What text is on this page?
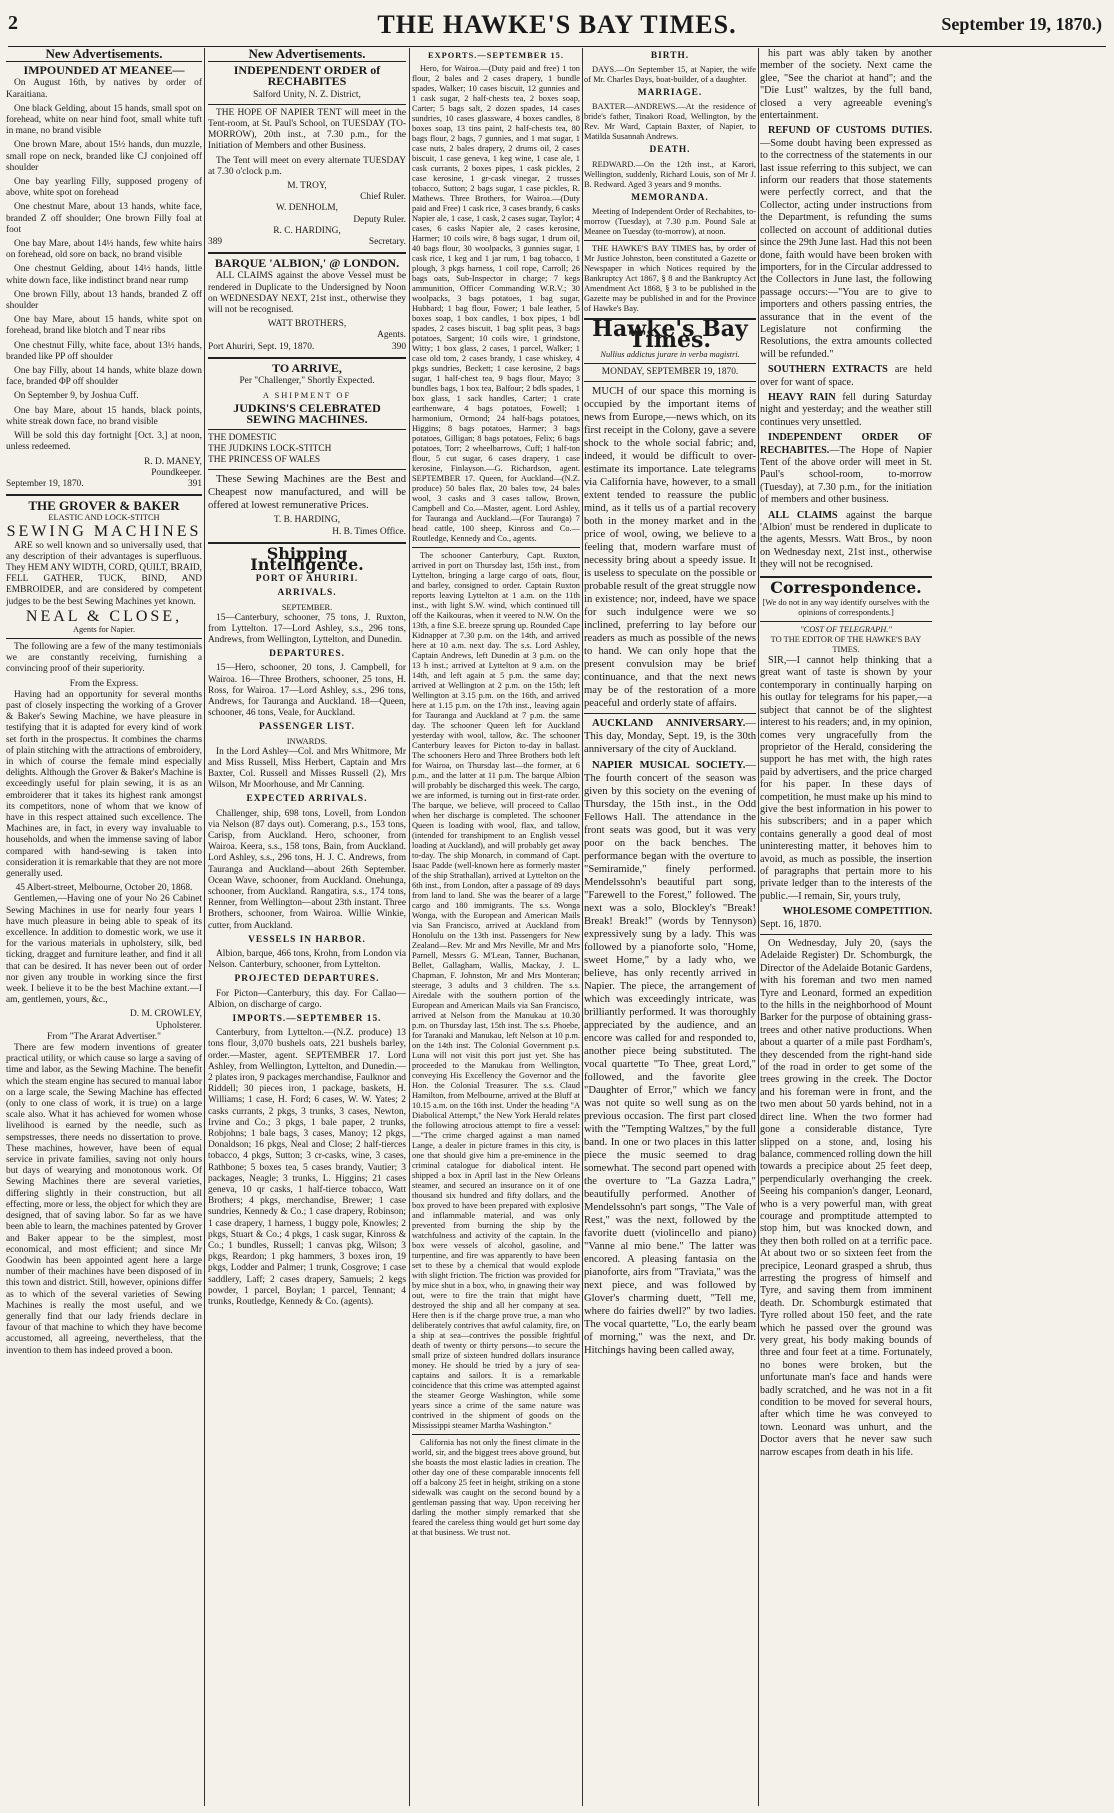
2	THE HAWKE'S BAY TIMES.	September 19, 1870.)
New Advertisements.
IMPOUNDED AT MEANEE—

On August 16th, by natives by order of Karaitiana.

One black Gelding, about 15 hands, small spot on forehead, white on near hind foot, small white tuft in mane, no brand visible

One brown Mare, about 15½ hands, dun muzzle, small rope on neck, branded like CJ conjoined off shoulder

One bay yearling Filly, supposed progeny of above, white spot on forehead

One chestnut Mare, about 13 hands, white face, branded Z off shoulder; One brown Filly foal at foot

One bay Mare, about 14½ hands, few white hairs on forehead, old sore on back, no brand visible

One chestnut Gelding, about 14½ hands, little white down face, like indistinct brand near rump

One brown Filly, about 13 hands, branded Z off shoulder

One bay Mare, about 15 hands, white spot on forehead, brand like blotch and T near ribs

One chestnut Filly, white face, about 13½ hands, branded like PP off shoulder

One bay Filly, about 14 hands, white blaze down face, branded ΦP off shoulder

On September 9, by Joshua Cuff.

One bay Mare, about 15 hands, black points, white streak down face, no brand visible

Will be sold this day fortnight [Oct. 3,] at noon, unless redeemed.

R. D. MANEY,
Poundkeeper.
September 19, 1870.	391
THE GROVER & BAKER
ELASTIC AND LOCK-STITCH
SEWING MACHINES

ARE so well known and so universally used, that any description of their advantages is superfluous. They HEM ANY WIDTH, CORD, QUILT, BRAID, FELL GATHER, TUCK, BIND, AND EMBROIDER, and are considered by competent judges to be the best Sewing Machines yet known.

NEAL & CLOSE,
Agents for Napier.

The following are a few of the many testimonials we are constantly receiving, furnishing a convincing proof of their superiority.

From the Express.

Having had an opportunity for several months past of closely inspecting the working of a Grover & Baker's Sewing Machine, we have pleasure in testifying that it is adapted for every kind of work set forth in the prospectus. It combines the charms of plain stitching with the attractions of embroidery, in which of course the female mind especially delights. Although the Grover & Baker's Machine is exceedingly useful for plain sewing, it is as an embroiderer that it takes its highest rank amongst its competitors, none of whom that we know of have in this respect attained such excellence. The Machines are, in fact, in every way invaluable to households, and when the immense saving of labor compared with hand-sewing is taken into consideration it is remarkable that they are not more generally used.

45 Albert-street, Melbourne, October 20, 1868.

Gentlemen,—Having one of your No 26 Cabinet Sewing Machines in use for nearly four years I have much pleasure in being able to speak of its excellence. In addition to domestic work, we use it for the various materials in upholstery, silk, bed ticking, dragget and furniture leather, and find it all that can be desired. It has never been out of order nor given any trouble in working since the first week. I believe it to be the best Machine extant.—I am, gentlemen, yours, &c.,

D. M. CROWLEY,
Upholsterer.
From "The Ararat Advertiser."

There are few modern inventions of greater practical utility, or which cause so large a saving of time and labor, as the Sewing Machine. The benefit which the steam engine has secured to manual labor on a large scale, the Sewing Machine has effected (only to one class of work, it is true) on a large scale also. What it has achieved for women whose livelihood is earned by the needle, such as sempstresses, there needs no dissertation to prove. These machines, however, have been of equal service in private families, saving not only hours but days of wearying and monotonous work. Of Sewing Machines there are several varieties, differing slightly in their construction, but all effecting, more or less, the object for which they are designed, that of saving labor. So far as we have been able to learn, the machines patented by Grover and Baker appear to be the simplest, most economical, and most efficient; and since Mr Goodwin has been appointed agent here a large number of their machines have been disposed of in this town and district. Still, however, opinions differ as to which of the several varieties of Sewing Machines is really the most useful, and we generally find that our lady friends declare in favour of that machine to which they have become accustomed, all agreeing, nevertheless, that the invention to them has indeed proved a boon.

New Advertisements.
INDEPENDENT ORDER of RECHABITES
Salford Unity, N. Z. District,

THE HOPE OF NAPIER TENT will meet in the Tent-room, at St. Paul's School, on TUESDAY (TO-MORROW), 20th inst., at 7.30 p.m., for the Initiation of Members and other Business.

The Tent will meet on every alternate TUESDAY at 7.30 o'clock p.m.

M. TROY,
Chief Ruler.
W. DENHOLM,
Deputy Ruler.
R. C. HARDING,
389	Secretary.
BARQUE 'ALBION,' @ LONDON.

ALL CLAIMS against the above Vessel must be rendered in Duplicate to the Undersigned by Noon on WEDNESDAY NEXT, 21st inst., otherwise they will not be recognised.

WATT BROTHERS,
Agents.
Port Ahuriri, Sept. 19, 1870.	390
TO ARRIVE,
Per "Challenger," Shortly Expected.
A SHIPMENT OF
JUDKINS'S CELEBRATED SEWING MACHINES.
THE DOMESTIC
THE JUDKINS LOCK-STITCH
THE PRINCESS OF WALES

These Sewing Machines are the Best and Cheapest now manufactured, and will be offered at lowest remunerative Prices.

T. B. HARDING,
H. B. Times Office.
Shipping Intelligence.
PORT OF AHURIRI.
ARRIVALS.
SEPTEMBER.

15—Canterbury, schooner, 75 tons, J. Ruxton, from Lyttelton. 17—Lord Ashley, s.s., 296 tons, Andrews, from Wellington, Lyttelton, and Dunedin.

DEPARTURES.

15—Hero, schooner, 20 tons, J. Campbell, for Wairoa. 16—Three Brothers, schooner, 25 tons, H. Ross, for Wairoa. 17—Lord Ashley, s.s., 296 tons, Andrews, for Tauranga and Auckland. 18—Queen, schooner, 46 tons, Veale, for Auckland.

PASSENGER LIST.
INWARDS.

In the Lord Ashley—Col. and Mrs Whitmore, Mr and Miss Russell, Miss Herbert, Captain and Mrs Baxter, Col. Russell and Misses Russell (2), Mrs Wilson, Mr Moorhouse, and Mr Canning.

EXPECTED ARRIVALS.

Challenger, ship, 698 tons, Lovell, from London via Nelson (87 days out). Comerang, p.s., 153 tons, Carisp, from Auckland. Hero, schooner, from Wairoa. Keera, s.s., 158 tons, Bain, from Auckland. Lord Ashley, s.s., 296 tons, H. J. C. Andrews, from Tauranga and Auckland—about 26th September. Ocean Wave, schooner, from Auckland. Onehunga, schooner, from Auckland. Rangatira, s.s., 174 tons, Renner, from Wellington—about 23th instant. Three Brothers, schooner, from Wairoa. Willie Winkie, cutter, from Auckland.

VESSELS IN HARBOR.

Albion, barque, 466 tons, Krohn, from London via Nelson. Canterbury, schooner, from Lyttelton.

PROJECTED DEPARTURES.

For Picton—Canterbury, this day. For Callao—Albion, on discharge of cargo.

IMPORTS.—SEPTEMBER 15.

Canterbury, from Lyttelton.—(N.Z. produce) 13 tons flour, 3,070 bushels oats, 221 bushels barley, order.—Master, agent. SEPTEMBER 17. Lord Ashley, from Wellington, Lyttelton, and Dunedin.—2 plates iron, 9 packages merchandise, Faulknor and Riddell; 30 pieces iron, 1 package, baskets, H. Williams; 1 case, H. Ford; 6 cases, W. W. Yates; 2 casks currants, 2 pkgs, 3 trunks, 3 cases, Newton, Irvine and Co.; 3 pkgs, 1 bale paper, 2 trunks, Robjohns; 1 bale bags, 3 cases, Manoy; 12 pkgs, Donaldson; 16 pkgs, Neal and Close; 2 half-tierces tobacco, 4 pkgs, Sutton; 3 cr-casks, wine, 3 cases, Rathbone; 5 boxes tea, 5 cases brandy, Vautier; 3 packages, Neagle; 3 trunks, L. Higgins; 21 cases geneva, 10 qr casks, 1 half-tierce tobacco, Watt Brothers; 4 pkgs, merchandise, Brewer; 1 case sundries, Kennedy & Co.; 1 case drapery, Robinson; 1 case drapery, 1 harness, 1 buggy pole, Knowles; 2 pkgs, Stuart & Co.; 4 pkgs, 1 cask sugar, Kinross & Co.; 1 bundles, Russell; 1 canvas pkg, Wilson; 3 pkgs, Reardon; 1 pkg hammers, 3 boxes iron, 19 pkgs, Lodder and Palmer; 1 trunk, Cosgrove; 1 case saddlery, Laff; 2 cases drapery, Samuels; 2 kegs powder, 1 parcel, Boylan; 1 parcel, Tennant; 4 trunks, Routledge, Kennedy & Co. (agents).

EXPORTS.—SEPTEMBER 15.

Hero, for Wairoa.—(Duty paid and free) 1 ton flour, 2 bales and 2 cases drapery, 1 bundle spades, Walker; 10 cases biscuit, 12 gunnies and 1 cask sugar, 2 half-chests tea, 2 boxes soap, Carter; 5 bags salt, 2 dozen spades, 14 cases sundries, 10 cases glassware, 4 boxes candles, 8 boxes soap, 13 tins paint, 2 half-chests tea, 80 bags flour, 2 bags, 7 gunnies, and 1 mat sugar, 1 case nuts, 2 bales drapery, 2 drums oil, 2 cases biscuit, 1 case geneva, 1 keg wine, 1 case ale, 1 cask currants, 2 boxes pipes, 1 cask pickles, 2 case kerosine, 1 gr-cask vinegar, 2 trusses tobacco, Sutton; 2 bags sugar, 1 case pickles, R. Mathews. Three Brothers, for Wairoa.—(Duty paid and Free) 1 cask rice, 3 cases brandy, 6 casks Napier ale, 1 case, 1 cask, 2 cases sugar, Taylor; 4 cases, 6 casks Napier ale, 2 cases kerosine, Harmer; 10 coils wire, 8 bags sugar, 1 drum oil, 40 bags flour, 30 woolpacks, 3 gunnies sugar, 1 cask rice, 1 keg and 1 jar rum, 1 bag tobacco, 1 plough, 3 pkgs harness, 1 coil rope, Carroll; 26 bags oats, Sub-Inspector in charge; 7 kegs ammunition, Officer Commanding W.R.V.; 30 woolpacks, 3 bags potatoes, 1 bag sugar, Hubbard; 1 bag flour, Fower; 1 bale leather, 5 boxes soap, 1 box candles, 1 box pipes, 1 bdl spades, 2 cases biscuit, 1 bag split peas, 3 bags potatoes, Sargent; 10 coils wire, 1 grindstone, Witty; 1 box glass, 2 cases, 1 parcel, Walker; 1 case old tom, 2 cases brandy, 1 case whiskey, 4 pkgs sundries, Beckett; 1 case kerosine, 2 bags sugar, 1 half-chest tea, 9 bags flour, Mayo; 3 bundles bags, 1 box tea, Balfour; 2 bdls spades, 1 box glass, 1 sack handles, Carter; 1 crate earthenware, 4 bags potatoes, Fowell; 1 harmonium, Ormond; 24 half-bags potatoes, Higgins; 8 bags potatoes, Harmer; 3 bags potatoes, Gilligan; 8 bags potatoes, Felix; 6 bags potatoes, Torr; 2 wheelbarrows, Cuff; 1 half-ton flour, 5 cut sugar, 6 cases drapery, 1 case kerosine, Finlayson.—G. Richardson, agent. SEPTEMBER 17. Queen, for Auckland—(N.Z. produce) 50 bales flax, 20 bales tow, 24 bales wool, 3 casks and 3 cases tallow, Brown, Campbell and Co.—Master, agent. Lord Ashley, for Tauranga and Auckland.—(For Tauranga) 7 head cattle, 100 sheep, Kinross and Co.—Routledge, Kennedy and Co., agents.

The schooner Canterbury, Capt. Ruxton, arrived in port on Thursday last, 15th inst., from Lyttelton, bringing a large cargo of oats, flour, and barley, consigned to order. Captain Ruxton reports leaving Lyttelton at 1 a.m. on the 11th inst., with light S.W. wind, which continued till off the Kaikouras, when it veered to N.W. On the 13th, a fine S.E. breeze sprung up. Rounded Cape Kidnapper at 7.30 p.m. on the 14th, and arrived here at 10 a.m. next day. The s.s. Lord Ashley, Captain Andrews, left Dunedin at 3 p.m. on the 13 h inst.; arrived at Lyttelton at 9 a.m. on the 14th, and left again at 5 p.m. the same day; arrived at Wellington at 2 p.m. on the 15th; left Wellington at 3.15 p.m. on the 16th, and arrived here at 1.15 p.m. on the 17th inst., leaving again for Tauranga and Auckland at 7 p.m. the same day. The schooner Queen left for Auckland yesterday with wool, tallow, &c. The schooner Canterbury leaves for Picton to-day in ballast. The schooners Hero and Three Brothers both left for Wairoa, on Thursday last—the former, at 6 p.m., and the latter at 11 p.m. The barque Albion will probably be discharged this week. The cargo, we are informed, is turning out in first-rate order. The barque, we believe, will proceed to Callao when her discharge is completed. The schooner Queen is loading with wool, flax, and tallow, (intended for transhipment to an English vessel loading at Auckland), and will probably get away to-day. The ship Monarch, in command of Capt. Isaac Padde (well-known here as formerly master of the ship Strathallan), arrived at Lyttelton on the 6th inst., from London, after a passage of 89 days from land to land. She was the bearer of a large cargo and 180 immigrants. The s.s. Wonga Wonga, with the European and American Mails via San Francisco, arrived at Auckland from Honolulu on the 13th inst. Passengers for New Zealand—Rev. Mr and Mrs Neville, Mr and Mrs Parnell, Messrs G. M'Lean, Tanner, Buchanan, Bellet, Gallagham, Wallis, Mackay, J. L. Chapman, F. Johnston, Mr and Mrs Monteran; steerage, 3 adults and 3 children. The s.s. Airedale with the southern portion of the European and American Mails via San Francisco, arrived at Nelson from the Manukau at 10.30 p.m. on Thursday last, 15th inst. The s.s. Phoebe, for Taranaki and Manukau, left Nelson at 10 p.m. on the 14th inst. The Colonial Government p.s. Luna will not visit this port just yet. She has proceeded to the Manukau from Wellington, conveying His Excellency the Governor and the Hon. the Colonial Treasurer. The s.s. Claud Hamilton, from Melbourne, arrived at the Bluff at 10.15 a.m. on the 16th inst. Under the heading "A Diabolical Attempt," the New York Herald relates the following atrocious attempt to fire a vessel:—"The crime charged against a man named Lange, a dealer in picture frames in this city, is one that should give him a pre-eminence in the criminal catalogue for diabolical intent. He shipped a box in April last in the New Orleans steamer, and secured an insurance on it of one thousand six hundred and fifty dollars, and the box proved to have been prepared with explosive and inflammable material, and was only prevented from burning the ship by the watchfulness and activity of the captain. In the box were vessels of alcohol, gasoline, and turpentine, and fire was apparently to have been set to these by a chemical that would explode with slight friction. The friction was provided for by mice shut in a box, who, in gnawing their way out, were to fire the train that might have destroyed the ship and all her company at sea. Here then is if the charge prove true, a man who deliberately contrives that awful calamity, fire, on a ship at sea—contrives the possible frightful death of twenty or thirty persons—to secure the small prize of sixteen hundred dollars insurance money. He should be tried by a jury of sea-captains and sailors. It is a remarkable coincidence that this crime was attempted against the steamer George Washington, while some years since a crime of the same nature was contrived in the shipment of goods on the Mississippi steamer Martha Washington."

California has not only the finest climate in the world, sir, and the biggest trees above ground, but she boasts the most elastic ladies in creation. The other day one of these comparable innocents fell off a balcony 25 feet in height, striking on a stone sidewalk was caught on the second bound by a gentleman passing that way. Upon receiving her darling the mother simply remarked that she feared the careless thing would get hurt some day at that business. We trust not.

BIRTH.

DAYS.—On September 15, at Napier, the wife of Mr. Charles Days, boat-builder, of a daughter.

MARRIAGE.

BAXTER—ANDREWS.—At the residence of bride's father, Tinakori Road, Wellington, by the Rev. Mr Ward, Captain Baxter, of Napier, to Matilda Susannah Andrews.

DEATH.

REDWARD.—On the 12th inst., at Karori, Wellington, suddenly, Richard Louis, son of Mr J. B. Redward. Aged 3 years and 9 months.

MEMORANDA.

Meeting of Independent Order of Rechabites, to-morrow (Tuesday), at 7.30 p.m. Pound Sale at Meanee on Tuesday (to-morrow), at noon.

THE HAWKE'S BAY TIMES has, by order of Mr Justice Johnston, been constituted a Gazette or Newspaper in which Notices required by the Bankruptcy Act 1867, § 8 and the Bankruptcy Act Amendment Act 1868, § 3 to be published in the Gazette may be published in and for the Province of Hawke's Bay.

Hawke's Bay Times.
Nullius addictus jurare in verba magistri.
MONDAY, SEPTEMBER 19, 1870.

MUCH of our space this morning is occupied by the important items of news from Europe,—news which, on its first receipt in the Colony, gave a severe shock to the whole social fabric; and, indeed, it would be difficult to over-estimate its importance. Late telegrams via California have, however, to a small extent tended to reassure the public mind, as it tells us of a partial recovery both in the money market and in the price of wool, owing, we believe to a feeling that, modern warfare must of necessity bring about a speedy issue. It is useless to speculate on the possible or probable result of the great struggle now in existence; nor, indeed, have we space for such indulgence were we so inclined, preferring to lay before our readers as much as possible of the news to hand. We can only hope that the present convulsion may be brief continuance, and that the next news may be of the restoration of a more peaceful and orderly state of affairs.

AUCKLAND ANNIVERSARY.—This day, Monday, Sept. 19, is the 30th anniversary of the city of Auckland.

NAPIER MUSICAL SOCIETY.—The fourth concert of the season was given by this society on the evening of Thursday, the 15th inst., in the Odd Fellows Hall. The attendance in the front seats was good, but it was very poor on the back benches. The performance began with the overture to "Semiramide," finely performed. Mendelssohn's beautiful part song, "Farewell to the Forest," followed. The next was a solo, Blockley's "Break! Break! Break!" (words by Tennyson) expressively sung by a lady. This was followed by a pianoforte solo, "Home, sweet Home," by a lady who, we believe, has only recently arrived in Napier. The piece, the arrangement of which was exceedingly intricate, was brilliantly performed. It was thoroughly appreciated by the audience, and an encore was called for and responded to, another piece being substituted. The vocal quartette "To Thee, great Lord," followed, and the favorite glee "Daughter of Error," which we fancy was not quite so well sung as on the previous occasion. The first part closed with the "Tempting Waltzes," by the full band. In one or two places in this latter piece the music seemed to drag somewhat. The second part opened with the overture to "La Gazza Ladra," beautifully performed. Another of Mendelssohn's part songs, "The Vale of Rest," was the next, followed by the favorite duett (violincello and piano) "Vanne al mio bene." The latter was encored. A pleasing fantasia on the pianoforte, airs from "Traviata," was the next piece, and was followed by Glover's charming duett, "Tell me, where do fairies dwell?" by two ladies. The vocal quartette, "Lo, the early beam of morning," was the next, and Dr. Hitchings having been called away,

his part was ably taken by another member of the society. Next came the glee, "See the chariot at hand"; and the "Die Lust" waltzes, by the full band, closed a very agreeable evening's entertainment.

REFUND OF CUSTOMS DUTIES.—Some doubt having been expressed as to the correctness of the statements in our last issue referring to this subject, we can inform our readers that those statements were perfectly correct, and that the Collector, acting under instructions from the Department, is refunding the sums collected on account of additional duties since the 29th June last. Had this not been done, faith would have been broken with importers, for in the Circular addressed to the Collectors in June last, the following passage occurs:—"You are to give to importers and others passing entries, the assurance that in the event of the Legislature not confirming the Resolutions, the extra amounts collected will be refunded."

SOUTHERN EXTRACTS are held over for want of space.

HEAVY RAIN fell during Saturday night and yesterday; and the weather still continues very unsettled.

INDEPENDENT ORDER OF RECHABITES.—The Hope of Napier Tent of the above order will meet in St. Paul's school-room, to-morrow (Tuesday), at 7.30 p.m., for the initiation of members and other business.

ALL CLAIMS against the barque 'Albion' must be rendered in duplicate to the agents, Messrs. Watt Bros., by noon on Wednesday next, 21st inst., otherwise they will not be recognised.

Correspondence.
[We do not in any way identify ourselves with the opinions of correspondents.]
"COST OF TELEGRAPH."
TO THE EDITOR OF THE HAWKE'S BAY TIMES.

SIR,—I cannot help thinking that a great want of taste is shown by your contemporary in continually harping on his outlay for telegrams for his paper,—a subject that cannot be of the slightest interest to his readers; and, in my opinion, comes very ungracefully from the proprietor of the Herald, considering the support he has met with, the high rates paid by advertisers, and the price charged for his paper. In these days of competition, he must make up his mind to give the best information in his power to his subscribers; and in a paper which contains generally a good deal of most uninteresting matter, it behoves him to avoid, as much as possible, the insertion of paragraphs that pertain more to his private ledger than to the interests of the public.—I remain, Sir, yours truly,

WHOLESOME COMPETITION.
Sept. 16, 1870.

On Wednesday, July 20, (says the Adelaide Register) Dr. Schomburgk, the Director of the Adelaide Botanic Gardens, with his foreman and two men named Tyre and Leonard, formed an expedition to the hills in the neighborhood of Mount Barker for the purpose of obtaining grass-trees and other native productions. When about a quarter of a mile past Fordham's, they descended from the right-hand side of the road in order to get some of the trees growing in the creek. The Doctor and his foreman were in front, and the two men about 50 yards behind, not in a direct line. When the two former had gone a considerable distance, Tyre slipped on a stone, and, losing his balance, commenced rolling down the hill towards a precipice about 25 feet deep, perpendicularly overhanging the creek. Seeing his companion's danger, Leonard, who is a very powerful man, with great courage and promptitude attempted to stop him, but was knocked down, and they then both rolled on at a terrific pace. At about two or so sixteen feet from the precipice, Leonard grasped a shrub, thus arresting the progress of himself and Tyre, and saving them from imminent death. Dr. Schomburgk estimated that Tyre rolled about 150 feet, and the rate which he passed over the ground was very great, his body making bounds of three and four feet at a time. Fortunately, no bones were broken, but the unfortunate man's face and hands were badly scratched, and he was not in a fit condition to be moved for several hours, after which time he was conveyed to town. Leonard was unhurt, and the Doctor avers that he never saw such narrow escapes from death in his life.
